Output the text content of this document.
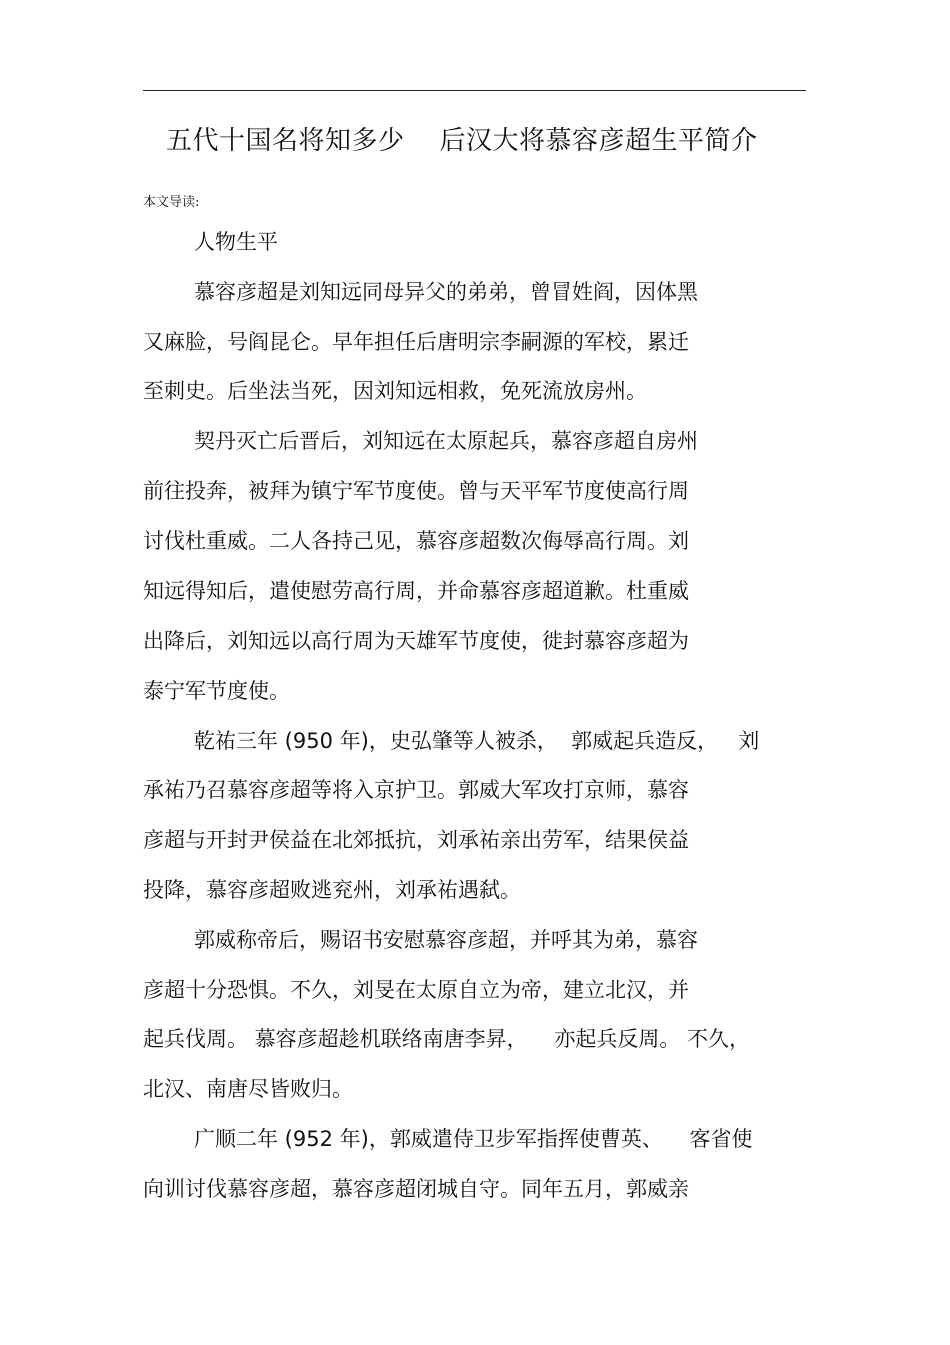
五代十国名将知多少    后汉大将慕容彦超生平简介
本文导读:
人物生平
慕容彦超是刘知远同母异父的弟弟，曾冒姓阎，因体黑
又麻脸，号阎昆仑。早年担任后唐明宗李嗣源的军校，累迁
至刺史。后坐法当死，因刘知远相救，免死流放房州。
契丹灭亡后晋后，刘知远在太原起兵，慕容彦超自房州
前往投奔，被拜为镇宁军节度使。曾与天平军节度使高行周
讨伐杜重威。二人各持己见，慕容彦超数次侮辱高行周。刘
知远得知后，遣使慰劳高行周，并命慕容彦超道歉。杜重威
出降后，刘知远以高行周为天雄军节度使，徙封慕容彦超为
泰宁军节度使。
乾祐三年 (950 年)，史弘肇等人被杀，  郭威起兵造反，   刘
承祐乃召慕容彦超等将入京护卫。郭威大军攻打京师，慕容
彦超与开封尹侯益在北郊抵抗，刘承祐亲出劳军，结果侯益
投降，慕容彦超败逃兖州，刘承祐遇弑。
郭威称帝后，赐诏书安慰慕容彦超，并呼其为弟，慕容
彦超十分恐惧。不久，刘旻在太原自立为帝，建立北汉，并
起兵伐周。 慕容彦超趁机联络南唐李昇，    亦起兵反周。 不久，
北汉、南唐尽皆败归。
广顺二年 (952 年)，郭威遣侍卫步军指挥使曹英、    客省使
向训讨伐慕容彦超，慕容彦超闭城自守。同年五月，郭威亲
